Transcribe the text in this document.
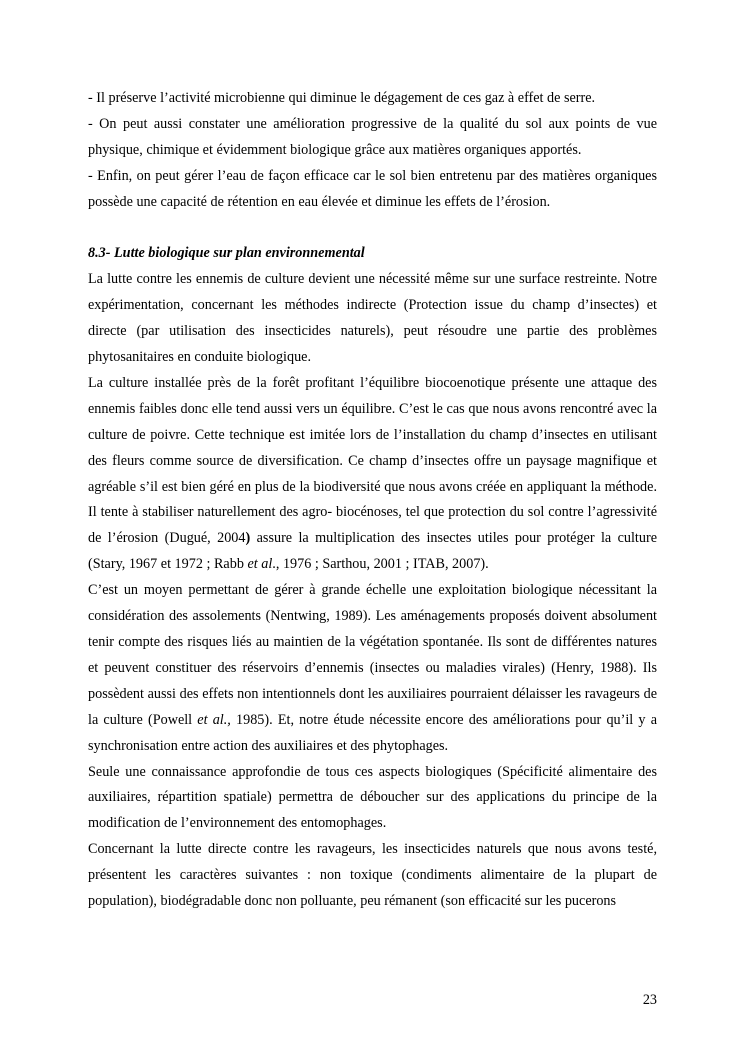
- Il préserve l’activité microbienne qui diminue le dégagement de ces gaz à effet de serre.

- On peut aussi constater une amélioration progressive de la qualité du sol aux points de vue physique, chimique et évidemment biologique grâce aux matières organiques apportés.

- Enfin, on peut gérer l’eau de façon efficace car le sol bien entretenu par des matières organiques possède une capacité de rétention en eau élevée et diminue les effets de l’érosion.

8.3- Lutte biologique sur plan environnemental

La lutte contre les ennemis de culture devient une nécessité même sur une surface restreinte. Notre expérimentation, concernant les méthodes indirecte (Protection issue du champ d’insectes) et directe (par utilisation des insecticides naturels), peut résoudre une partie des problèmes phytosanitaires en conduite biologique.

La culture installée près de la forêt profitant l’équilibre biocoenotique présente une attaque des ennemis faibles donc elle tend aussi vers un équilibre. C’est le cas que nous avons rencontré avec la culture de poivre. Cette technique est imitée lors de l’installation du champ d’insectes en utilisant des fleurs comme source de diversification. Ce champ d’insectes offre un paysage magnifique et agréable s’il est bien géré en plus de la biodiversité que nous avons créée en appliquant la méthode. Il tente à stabiliser naturellement des agro- biocénoses, tel que protection du sol contre l’agressivité de l’érosion (Dugué, 2004) assure la multiplication des insectes utiles pour protéger la culture (Stary, 1967 et 1972 ; Rabb et al., 1976 ; Sarthou, 2001 ; ITAB, 2007).

C’est un moyen permettant de gérer à grande échelle une exploitation biologique nécessitant la considération des assolements (Nentwing, 1989). Les aménagements proposés doivent absolument tenir compte des risques liés au maintien de la végétation spontanée. Ils sont de différentes natures et peuvent constituer des réservoirs d’ennemis (insectes ou maladies virales) (Henry, 1988). Ils possèdent aussi des effets non intentionnels dont les auxiliaires pourraient délaisser les ravageurs de la culture (Powell et al., 1985). Et, notre étude nécessite encore des améliorations pour qu’il y a synchronisation entre action des auxiliaires et des phytophages.

Seule une connaissance approfondie de tous ces aspects biologiques (Spécificité alimentaire des auxiliaires, répartition spatiale) permettra de déboucher sur des applications du principe de la modification de l’environnement des entomophages.

Concernant la lutte directe contre les ravageurs, les insecticides naturels que nous avons testé, présentent les caractères suivantes : non toxique (condiments alimentaire de la plupart de population), biodégradable donc non polluante, peu rémanent (son efficacité sur les pucerons

23
